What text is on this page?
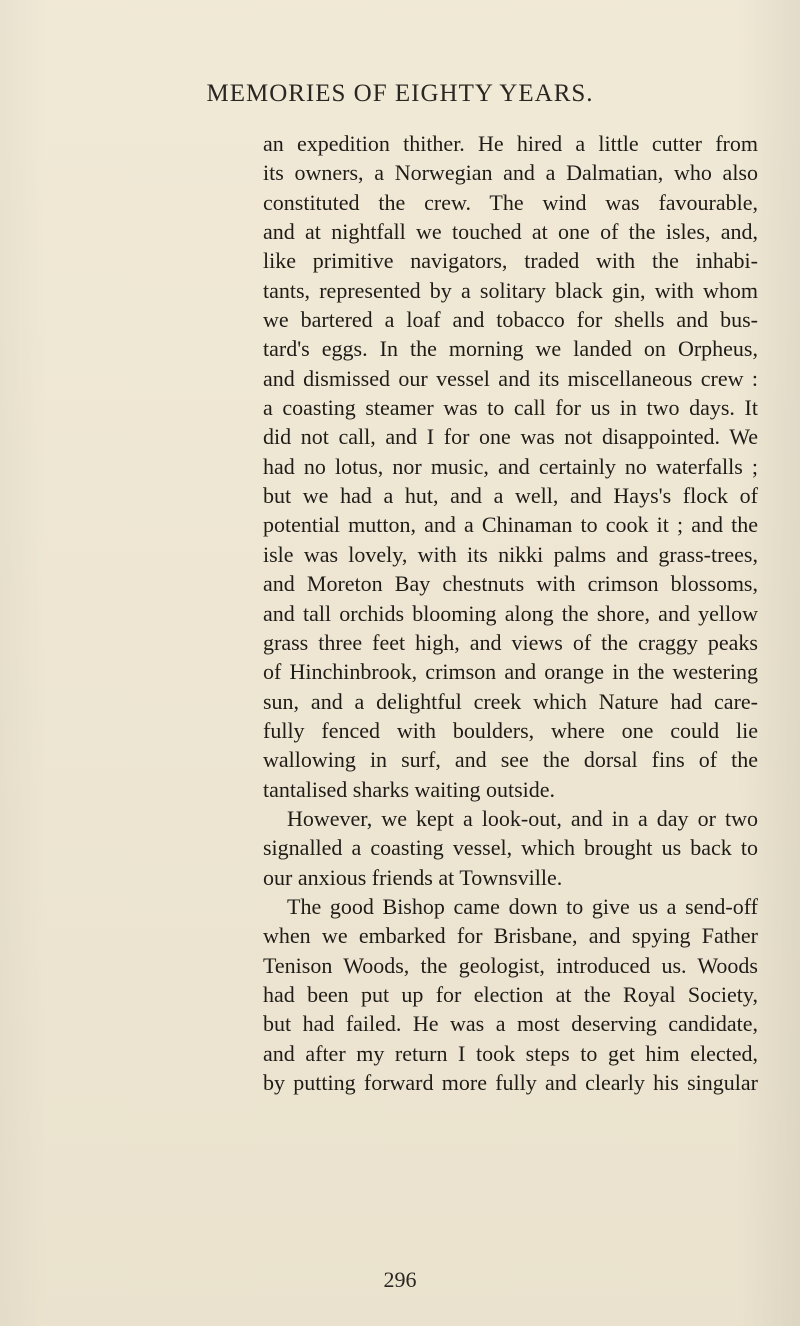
MEMORIES OF EIGHTY YEARS.
an expedition thither. He hired a little cutter from
its owners, a Norwegian and a Dalmatian, who also
constituted the crew. The wind was favourable,
and at nightfall we touched at one of the isles, and,
like primitive navigators, traded with the inhabi-
tants, represented by a solitary black gin, with whom
we bartered a loaf and tobacco for shells and bus-
tard's eggs. In the morning we landed on Orpheus,
and dismissed our vessel and its miscellaneous crew :
a coasting steamer was to call for us in two days. It
did not call, and I for one was not disappointed. We
had no lotus, nor music, and certainly no waterfalls ;
but we had a hut, and a well, and Hays's flock of
potential mutton, and a Chinaman to cook it ; and the
isle was lovely, with its nikki palms and grass-trees,
and Moreton Bay chestnuts with crimson blossoms,
and tall orchids blooming along the shore, and yellow
grass three feet high, and views of the craggy peaks
of Hinchinbrook, crimson and orange in the westering
sun, and a delightful creek which Nature had care-
fully fenced with boulders, where one could lie
wallowing in surf, and see the dorsal fins of the
tantalised sharks waiting outside.
However, we kept a look-out, and in a day or two
signalled a coasting vessel, which brought us back to
our anxious friends at Townsville.
The good Bishop came down to give us a send-off
when we embarked for Brisbane, and spying Father
Tenison Woods, the geologist, introduced us. Woods
had been put up for election at the Royal Society,
but had failed. He was a most deserving candidate,
and after my return I took steps to get him elected,
by putting forward more fully and clearly his singular
296
